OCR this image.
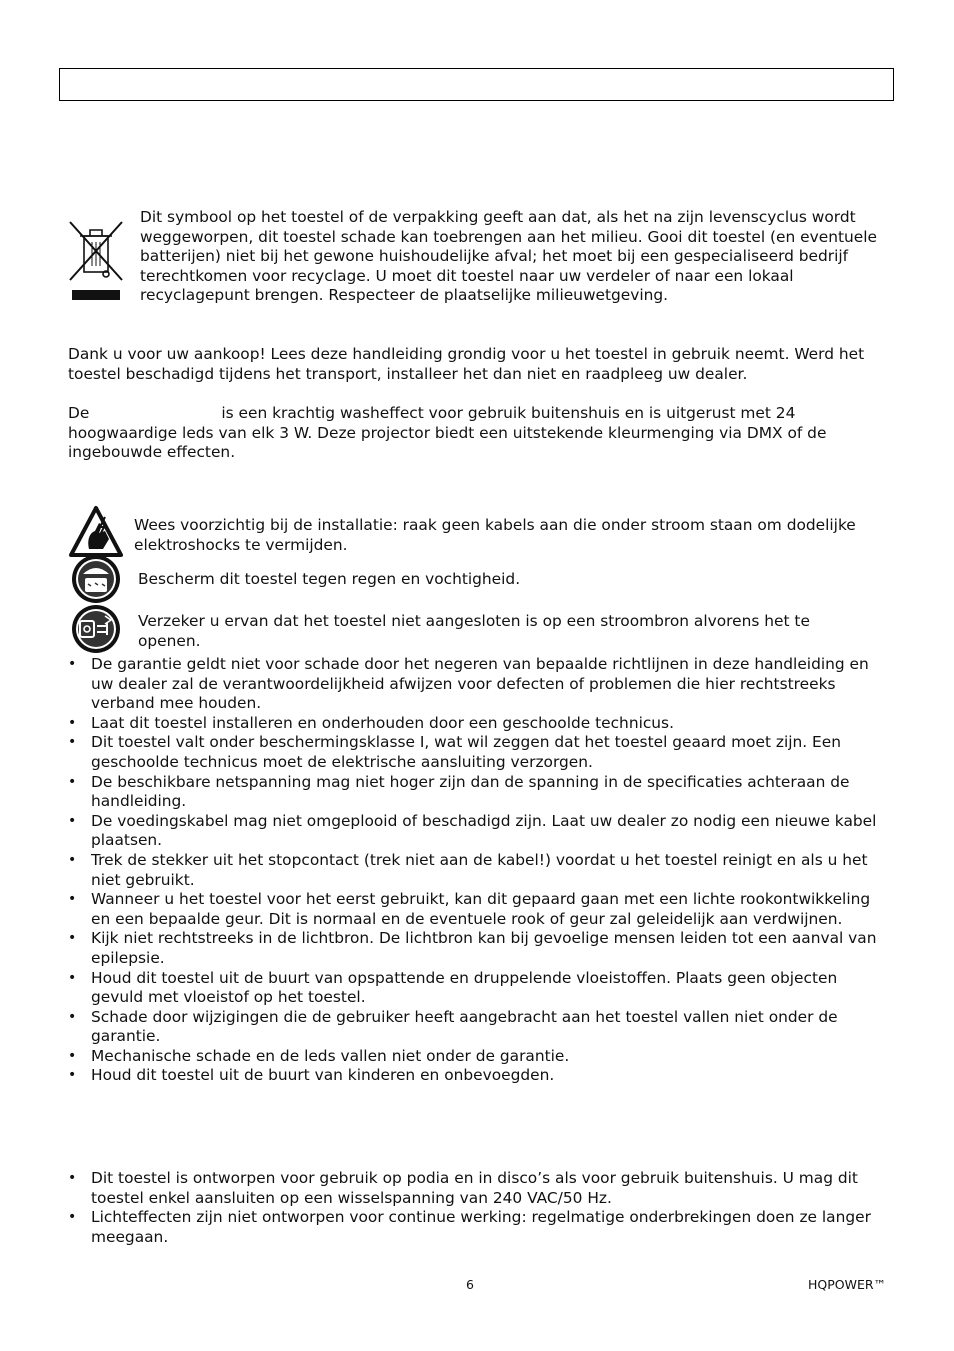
Dit symbool op het toestel of de verpakking geeft aan dat, als het na zijn levenscyclus wordt weggeworpen, dit toestel schade kan toebrengen aan het milieu. Gooi dit toestel (en eventuele batterijen) niet bij het gewone huishoudelijke afval; het moet bij een gespecialiseerd bedrijf terechtkomen voor recyclage. U moet dit toestel naar uw verdeler of naar een lokaal recyclagepunt brengen. Respecteer de plaatselijke milieuwetgeving.

Dank u voor uw aankoop! Lees deze handleiding grondig voor u het toestel in gebruik neemt. Werd het toestel beschadigd tijdens het transport, installeer het dan niet en raadpleeg uw dealer.

De	is een krachtig washeffect voor gebruik buitenshuis en is uitgerust met 24 hoogwaardige leds van elk 3 W. Deze projector biedt een uitstekende kleurmenging via DMX of de ingebouwde effecten.

Wees voorzichtig bij de installatie: raak geen kabels aan die onder stroom staan om dodelijke elektroshocks te vermijden.
Bescherm dit toestel tegen regen en vochtigheid.
Verzeker u ervan dat het toestel niet aangesloten is op een stroombron alvorens het te openen.
• De garantie geldt niet voor schade door het negeren van bepaalde richtlijnen in deze handleiding en uw dealer zal de verantwoordelijkheid afwijzen voor defecten of problemen die hier rechtstreeks verband mee houden.
• Laat dit toestel installeren en onderhouden door een geschoolde technicus.
• Dit toestel valt onder beschermingsklasse I, wat wil zeggen dat het toestel geaard moet zijn. Een geschoolde technicus moet de elektrische aansluiting verzorgen.
• De beschikbare netspanning mag niet hoger zijn dan de spanning in de specificaties achteraan de handleiding.
• De voedingskabel mag niet omgeplooid of beschadigd zijn. Laat uw dealer zo nodig een nieuwe kabel plaatsen.
• Trek de stekker uit het stopcontact (trek niet aan de kabel!) voordat u het toestel reinigt en als u het niet gebruikt.
• Wanneer u het toestel voor het eerst gebruikt, kan dit gepaard gaan met een lichte rookontwikkeling en een bepaalde geur. Dit is normaal en de eventuele rook of geur zal geleidelijk aan verdwijnen.
• Kijk niet rechtstreeks in de lichtbron. De lichtbron kan bij gevoelige mensen leiden tot een aanval van epilepsie.
• Houd dit toestel uit de buurt van opspattende en druppelende vloeistoffen. Plaats geen objecten gevuld met vloeistof op het toestel.
• Schade door wijzigingen die de gebruiker heeft aangebracht aan het toestel vallen niet onder de garantie.
• Mechanische schade en de leds vallen niet onder de garantie.
• Houd dit toestel uit de buurt van kinderen en onbevoegden.
• Dit toestel is ontworpen voor gebruik op podia en in disco’s als voor gebruik buitenshuis. U mag dit toestel enkel aansluiten op een wisselspanning van 240 VAC/50 Hz.
• Lichteffecten zijn niet ontworpen voor continue werking: regelmatige onderbrekingen doen ze langer meegaan.
6	HQPOWER™
